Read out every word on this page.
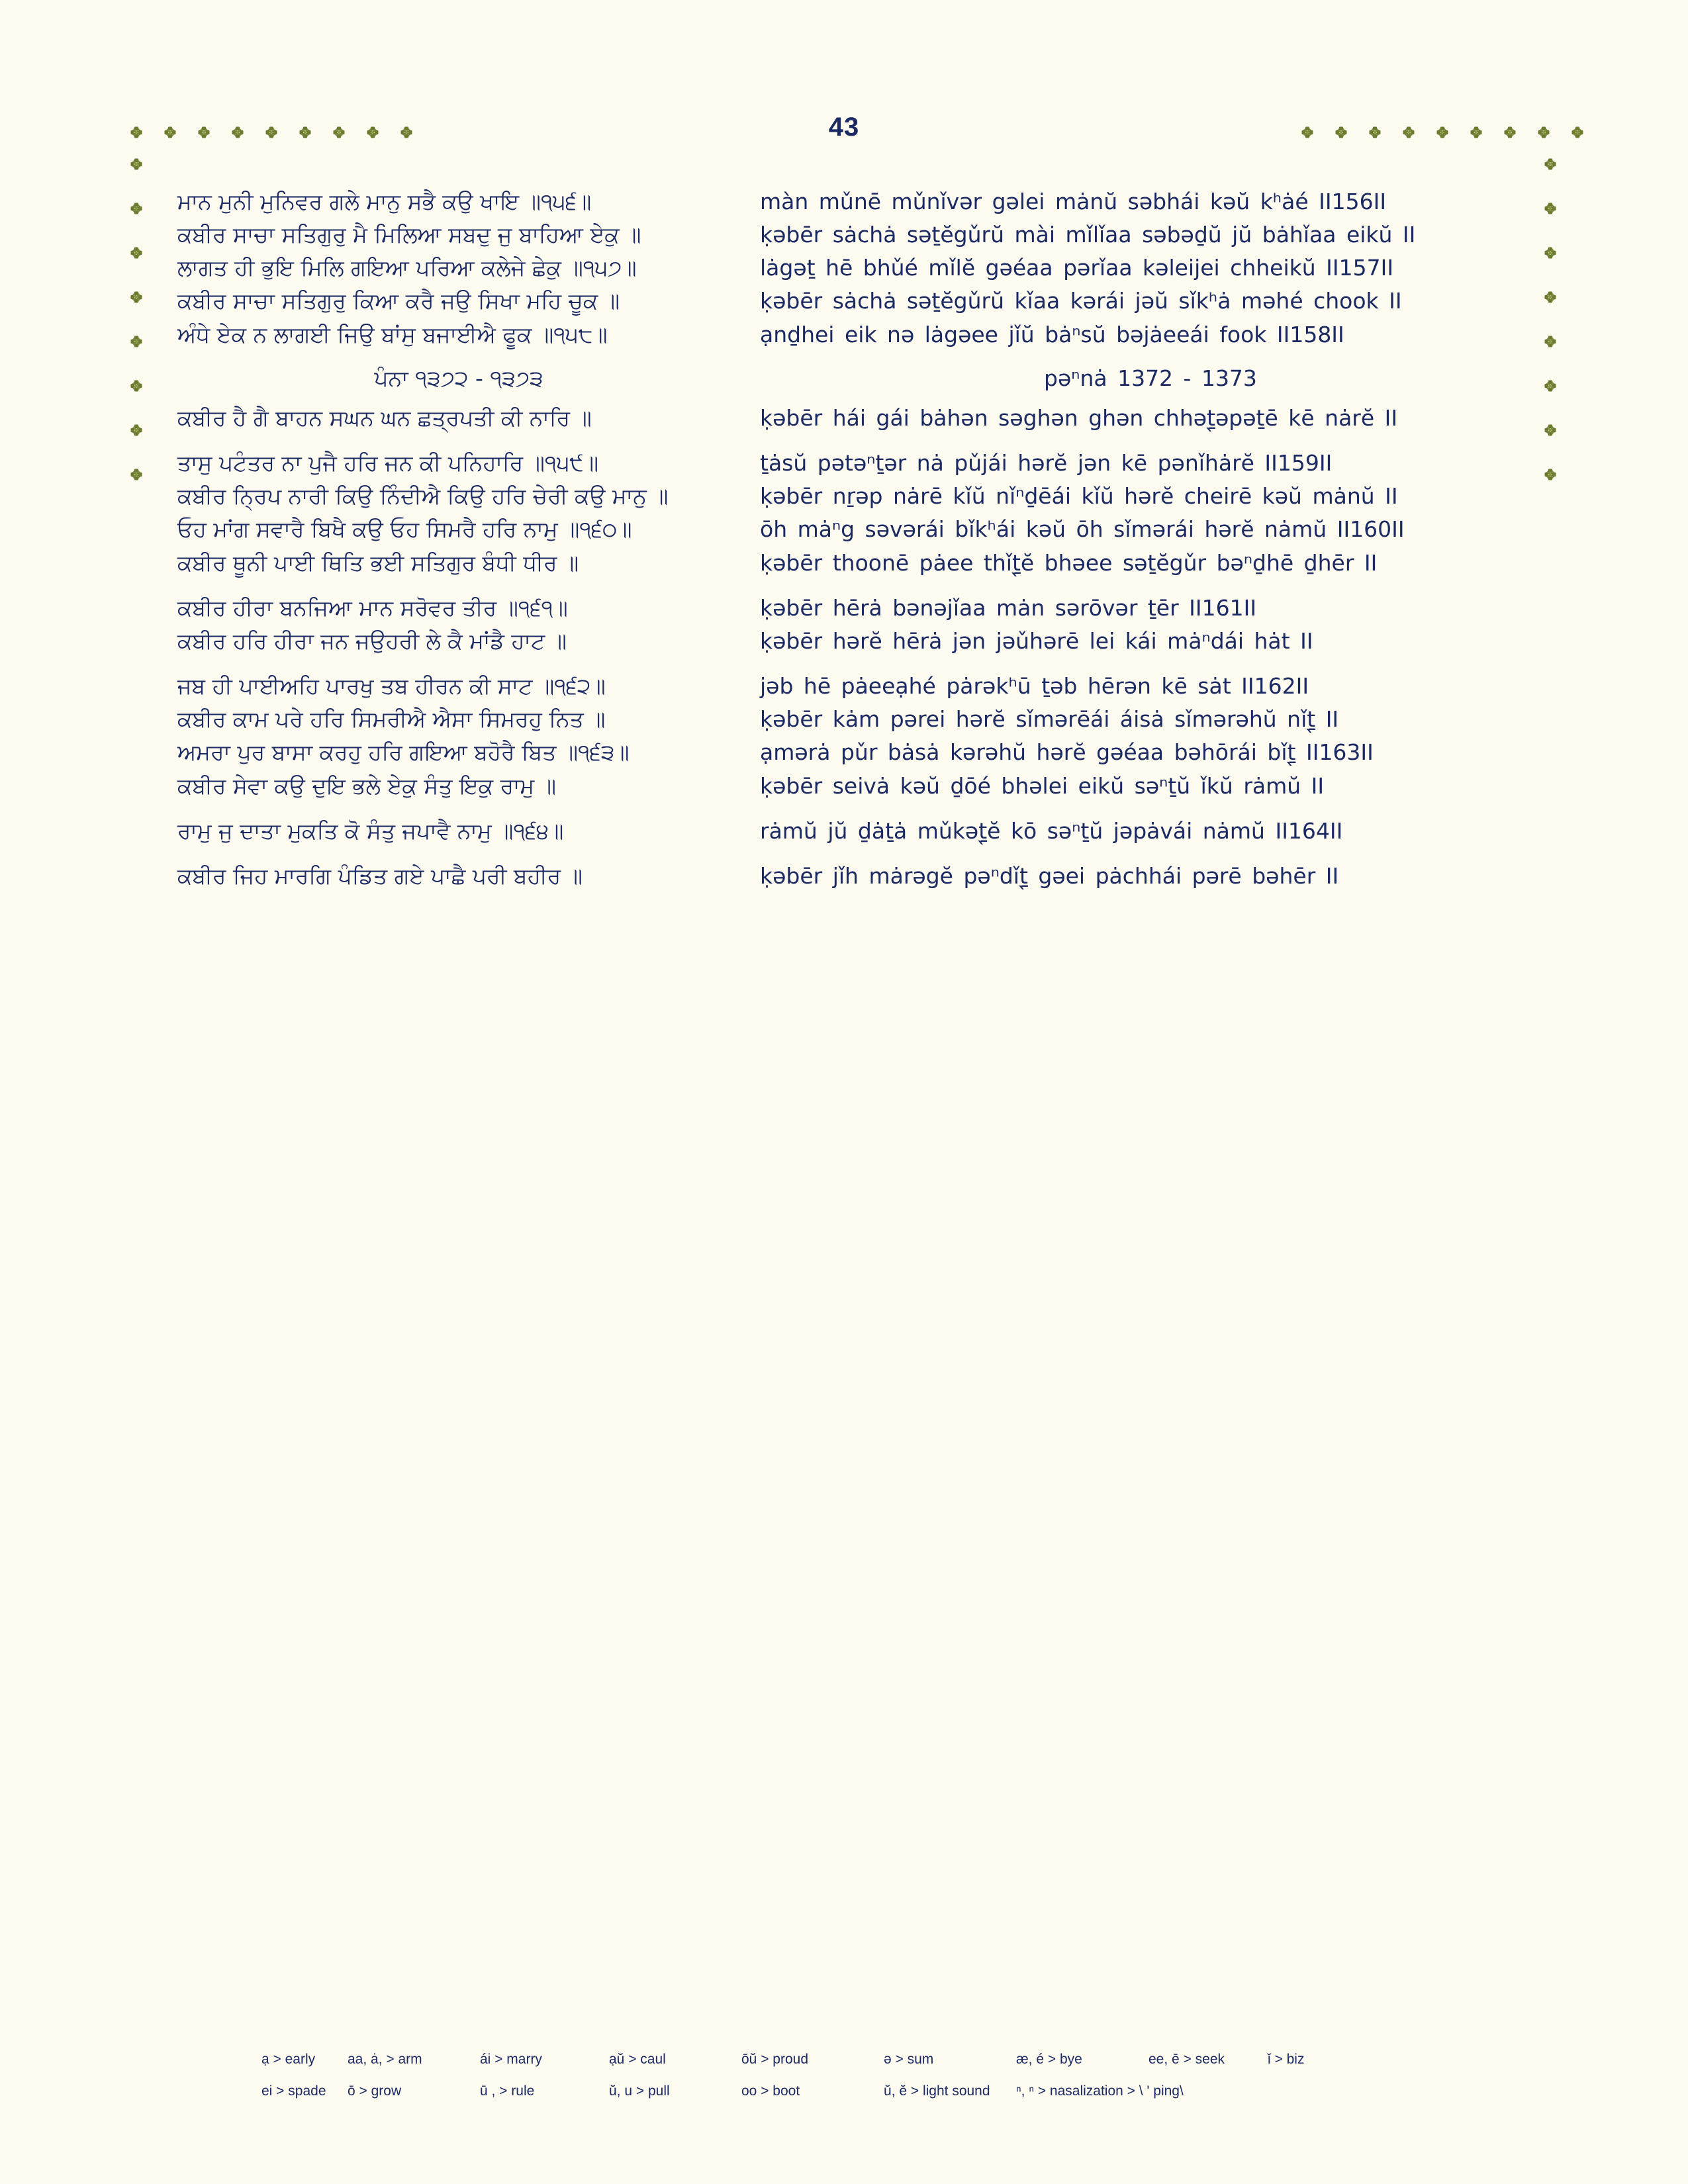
43
ਮਾਨ ਮੁਨੀ ਮੁਨਿਵਰ ਗਲੇ ਮਾਨੁ ਸਭੈ ਕਉ ਖਾਇ ॥੧੫੬॥	màn mǔnē mǔnǐvər gəlei mȧnŭ səbhái kəŭ kʰȧé II156II
ਕਬੀਰ ਸਾਚਾ ਸਤਿਗੁਰੁ ਮੈ ਮਿਲਿਆ ਸਬਦੁ ਜੁ ਬਾਹਿਆ ਏਕੁ ॥	ḳəbēr sȧchȧ səṯĕgǔrŭ mài mǐlǐaa səbəḏŭ jŭ bȧhǐaa eikŭ II
ਲਾਗਤ ਹੀ ਭੁਇ ਮਿਲਿ ਗਇਆ ਪਰਿਆ ਕਲੇਜੇ ਛੇਕੁ ॥੧੫੭॥	lȧgəṯ hē bhǔé mǐlĕ gəéaa pərǐaa kəleijei chheikŭ II157II
ਕਬੀਰ ਸਾਚਾ ਸਤਿਗੁਰੁ ਕਿਆ ਕਰੈ ਜਉ ਸਿਖਾ ਮਹਿ ਚੂਕ ॥	ḳəbēr sȧchȧ səṯĕgǔrŭ kǐaa kərái jəŭ sǐkʰȧ məhé chook II
ਅੰਧੇ ਏਕ ਨ ਲਾਗਈ ਜਿਉ ਬਾਂਸੁ ਬਜਾਈਐ ਫੂਕ ॥੧੫੮॥	ạnḏhei eik nə lȧgəee jǐŭ bȧⁿsŭ bəjȧeeái fook II158II
ਪੰਨਾ ੧੩੭੨ - ੧੩੭੩	pəⁿnȧ 1372 - 1373
ਕਬੀਰ ਹੈ ਗੈ ਬਾਹਨ ਸਘਨ ਘਨ ਛਤ੍ਰਪਤੀ ਕੀ ਨਾਰਿ ॥	ḳəbēr hái gái bȧhən səghən ghən chhəṯ̖əpəṯē kē nȧrĕ II
ਤਾਸੁ ਪਟੰਤਰ ਨਾ ਪੁਜੈ ਹਰਿ ਜਨ ਕੀ ਪਨਿਹਾਰਿ ॥੧੫੯॥	ṯȧsŭ pətəⁿṯər nȧ pǔjái hərĕ jən kē pənǐhȧrĕ II159II
ਕਬੀਰ ਨ੍ਰਿਪ ਨਾਰੀ ਕਿਉ ਨਿੰਦੀਐ ਕਿਉ ਹਰਿ ਚੇਰੀ ਕਉ ਮਾਨੁ ॥	ḳəbēr nṟəp nȧrē kǐŭ nǐⁿḏēái kǐŭ hərĕ cheirē kəŭ mȧnŭ II
ਓਹ ਮਾਂਗ ਸਵਾਰੈ ਬਿਖੈ ਕਉ ਓਹ ਸਿਮਰੈ ਹਰਿ ਨਾਮੁ ॥੧੬੦॥	ōh mȧⁿg səvərái bǐkʰái kəŭ ōh sǐmərái hərĕ nȧmŭ II160II
ਕਬੀਰ ਥੂਨੀ ਪਾਈ ਥਿਤਿ ਭਈ ਸਤਿਗੁਰ ਬੰਧੀ ਧੀਰ ॥	ḳəbēr thoonē pȧee thǐṯ̖ĕ bhəee səṯĕgǔr bəⁿḏhē ḏhēr II
ਕਬੀਰ ਹੀਰਾ ਬਨਜਿਆ ਮਾਨ ਸਰੋਵਰ ਤੀਰ ॥੧੬੧॥	ḳəbēr hērȧ bənəjǐaa mȧn sərōvər ṯēr II161II
ਕਬੀਰ ਹਰਿ ਹੀਰਾ ਜਨ ਜਉਹਰੀ ਲੇ ਕੈ ਮਾਂਡੈ ਹਾਟ ॥	ḳəbēr hərĕ hērȧ jən jəǔhərē lei kái mȧⁿdái hȧt II
ਜਬ ਹੀ ਪਾਈਅਹਿ ਪਾਰਖੁ ਤਬ ਹੀਰਨ ਕੀ ਸਾਟ ॥੧੬੨॥	jəb hē pȧeeạhé pȧrəkʰū ṯəb hērən kē sȧt II162II
ਕਬੀਰ ਕਾਮ ਪਰੇ ਹਰਿ ਸਿਮਰੀਐ ਐਸਾ ਸਿਮਰਹੁ ਨਿਤ ॥	ḳəbēr kȧm pərei hərĕ sǐmərēái áisȧ sǐmərəhŭ nǐṯ̖ II
ਅਮਰਾ ਪੁਰ ਬਾਸਾ ਕਰਹੁ ਹਰਿ ਗਇਆ ਬਹੋਰੈ ਬਿਤ ॥੧੬੩॥	ạmərȧ pǔr bȧsȧ kərəhŭ hərĕ gəéaa bəhōrái bǐṯ̖ II163II
ਕਬੀਰ ਸੇਵਾ ਕਉ ਦੁਇ ਭਲੇ ਏਕੁ ਸੰਤੁ ਇਕੁ ਰਾਮੁ ॥	ḳəbēr seivȧ kəŭ ḏōé bhəlei eikŭ səⁿṯŭ ǐkŭ rȧmŭ II
ਰਾਮੁ ਜੁ ਦਾਤਾ ਮੁਕਤਿ ਕੋ ਸੰਤੁ ਜਪਾਵੈ ਨਾਮੁ ॥੧੬੪॥	rȧmŭ jŭ ḏȧṯȧ mǔkəṯ̖ĕ kō səⁿṯŭ jəpȧvái nȧmŭ II164II
ਕਬੀਰ ਜਿਹ ਮਾਰਗਿ ਪੰਡਿਤ ਗਏ ਪਾਛੈ ਪਰੀ ਬਹੀਰ ॥	ḳəbēr jǐh mȧrəgĕ pəⁿdǐṯ̖ gəei pȧchhái pərē bəhēr II
ạ > early	aa, ȧ, > arm	ái > marry	ạŭ > caul	ōŭ > proud	ə > sum	æ, é > bye	ee, ē > seek	ǐ > biz
ei > spade	ō > grow	ū , > rule	ŭ, u > pull	oo > boot	ŭ, ĕ > light sound	ⁿ, ⁿ > nasalization > \ ' ping\
